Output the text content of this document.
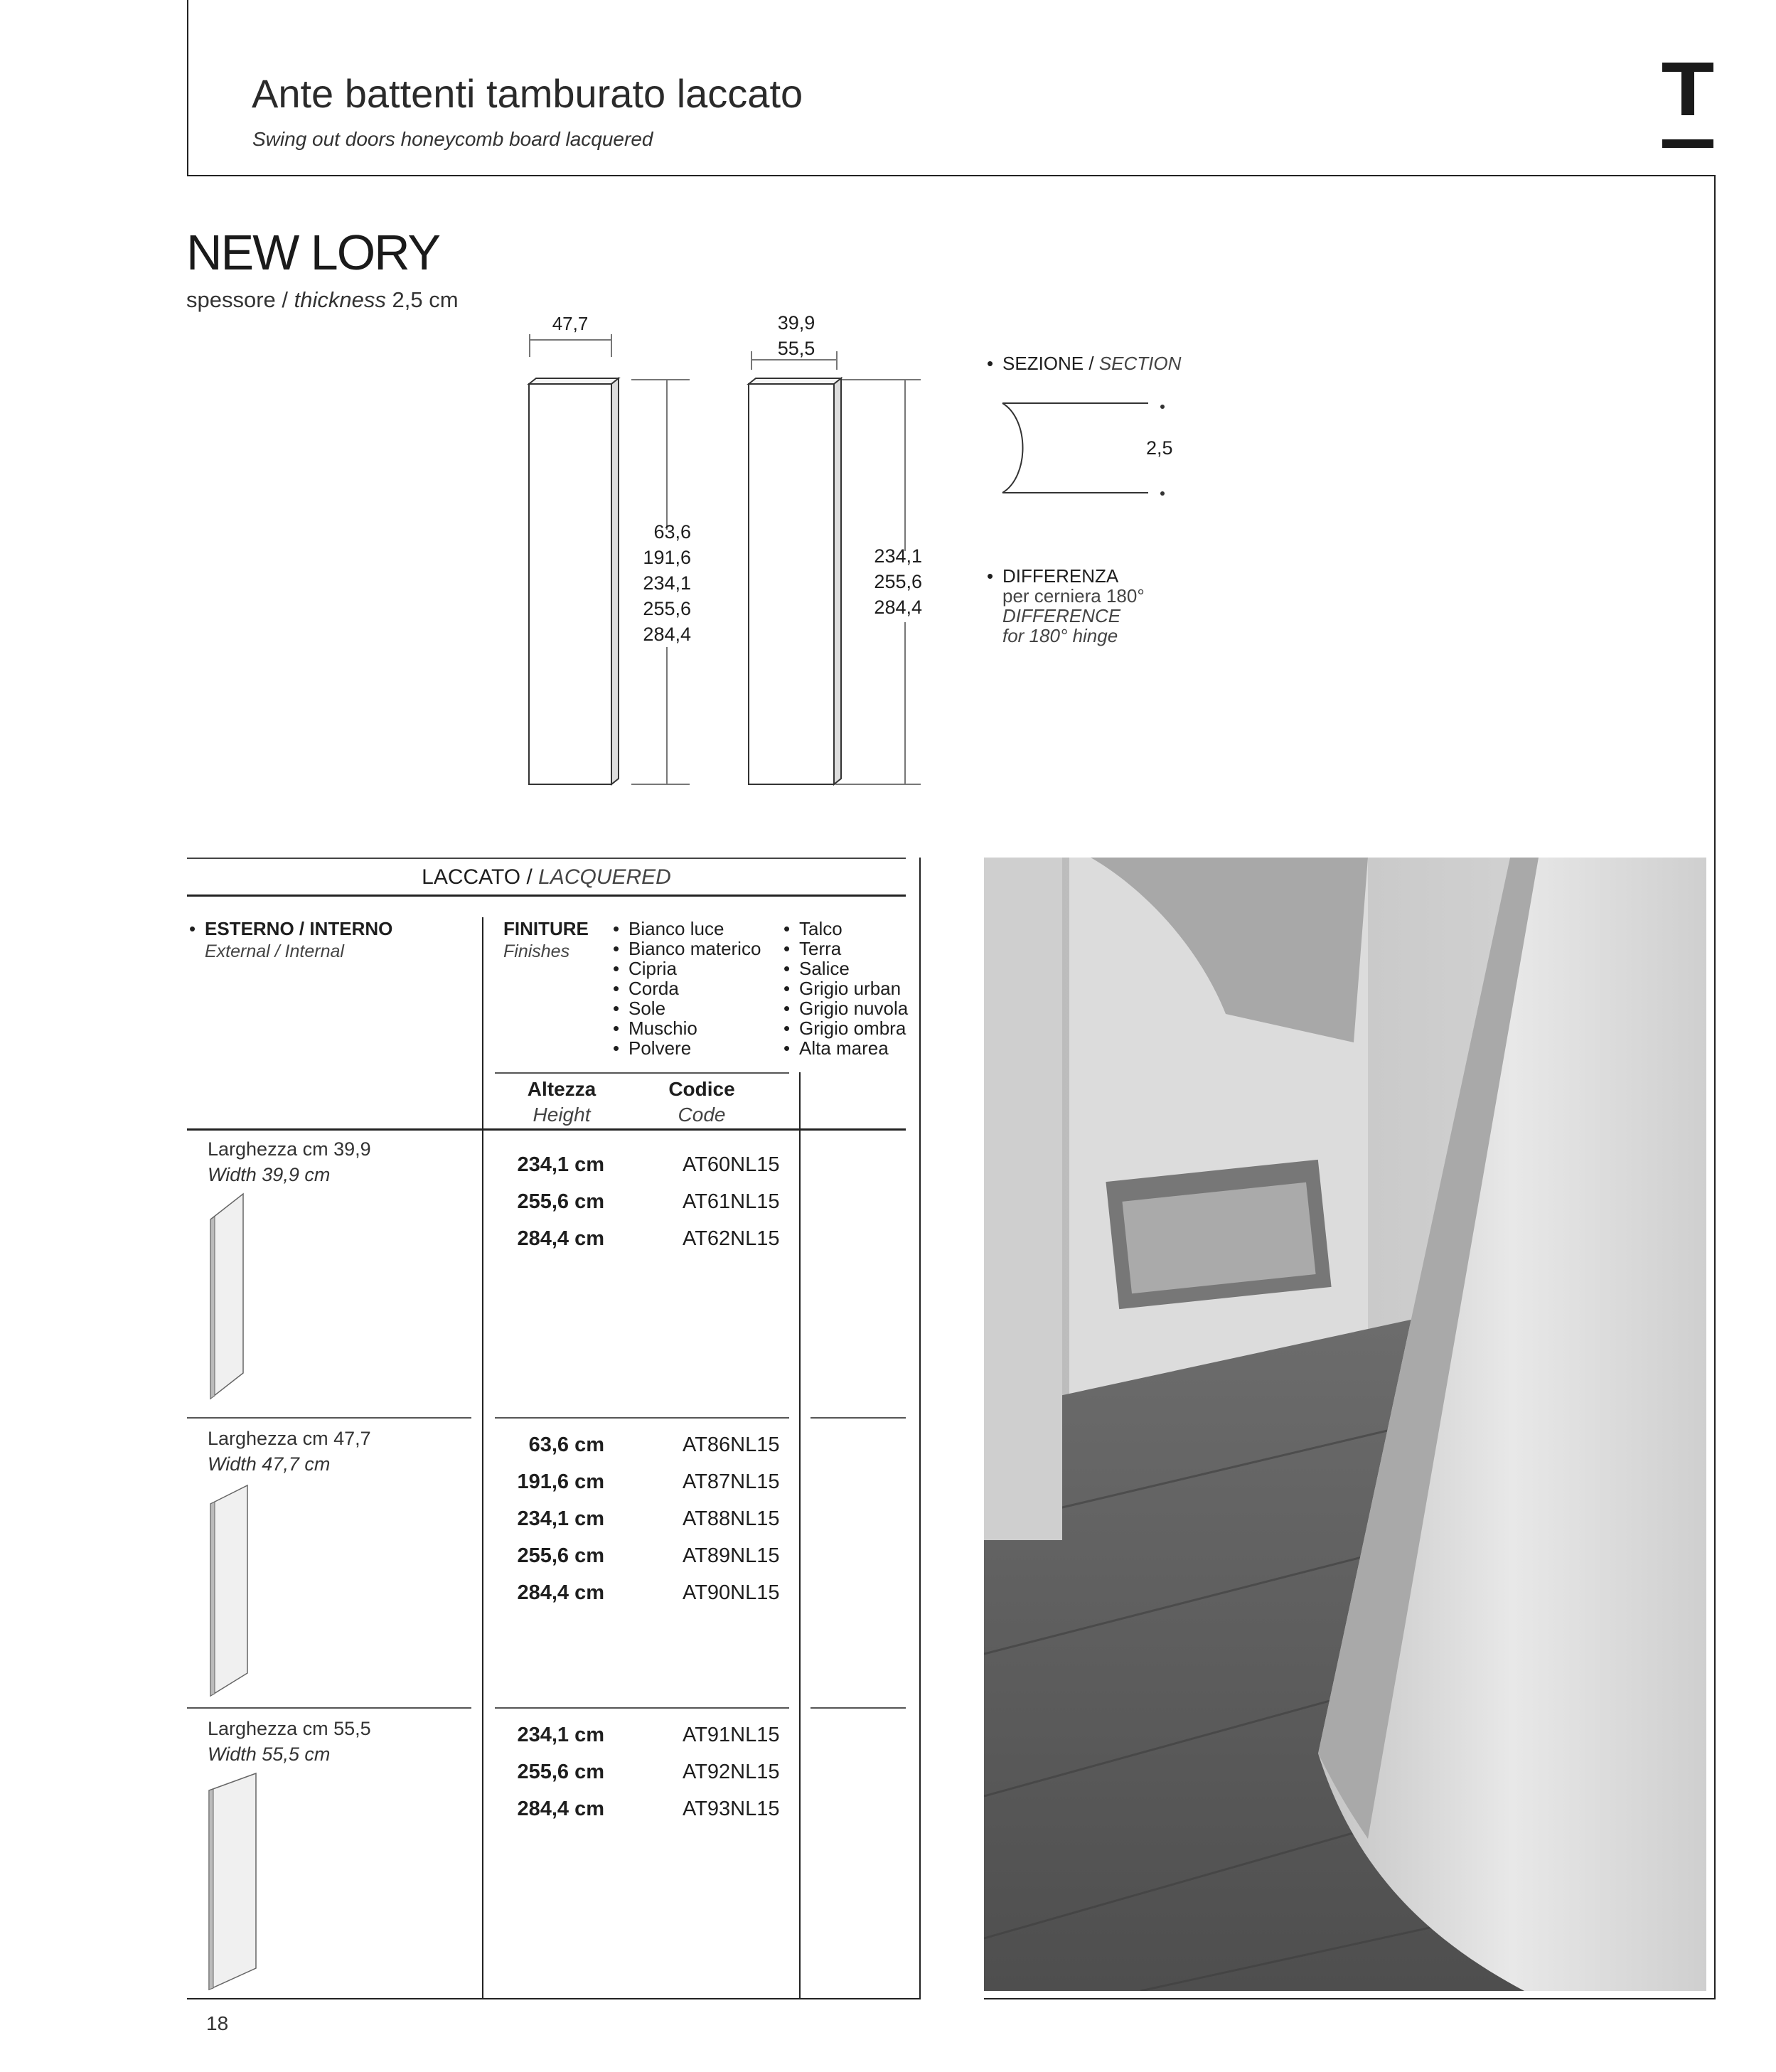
Ante battenti tamburato laccato
Swing out doors honeycomb board lacquered
NEW LORY
spessore / thickness 2,5 cm
47,7
63,6
191,6
234,1
255,6
284,4
39,9
55,5
234,1
255,6
284,4
• SEZIONE / SECTION
2,5
• DIFFERENZA
per cerniera 180°
DIFFERENCE
for 180° hinge
LACCATO / LACQUERED
• ESTERNO / INTERNO
External / Internal
FINITURE
Finishes
• Bianco luce
• Bianco materico
• Cipria
• Corda
• Sole
• Muschio
• Polvere
• Talco
• Terra
• Salice
• Grigio urban
• Grigio nuvola
• Grigio ombra
• Alta marea
Altezza
Height
Codice
Code
Larghezza cm 39,9
Width 39,9 cm	234,1 cm	AT60NL15
255,6 cm	AT61NL15
284,4 cm	AT62NL15
Larghezza cm 47,7
Width 47,7 cm
63,6 cm	AT86NL15
191,6 cm	AT87NL15
234,1 cm	AT88NL15
255,6 cm	AT89NL15
284,4 cm	AT90NL15
Larghezza cm 55,5
Width 55,5 cm
234,1 cm	AT91NL15
255,6 cm	AT92NL15
284,4 cm	AT93NL15
18
